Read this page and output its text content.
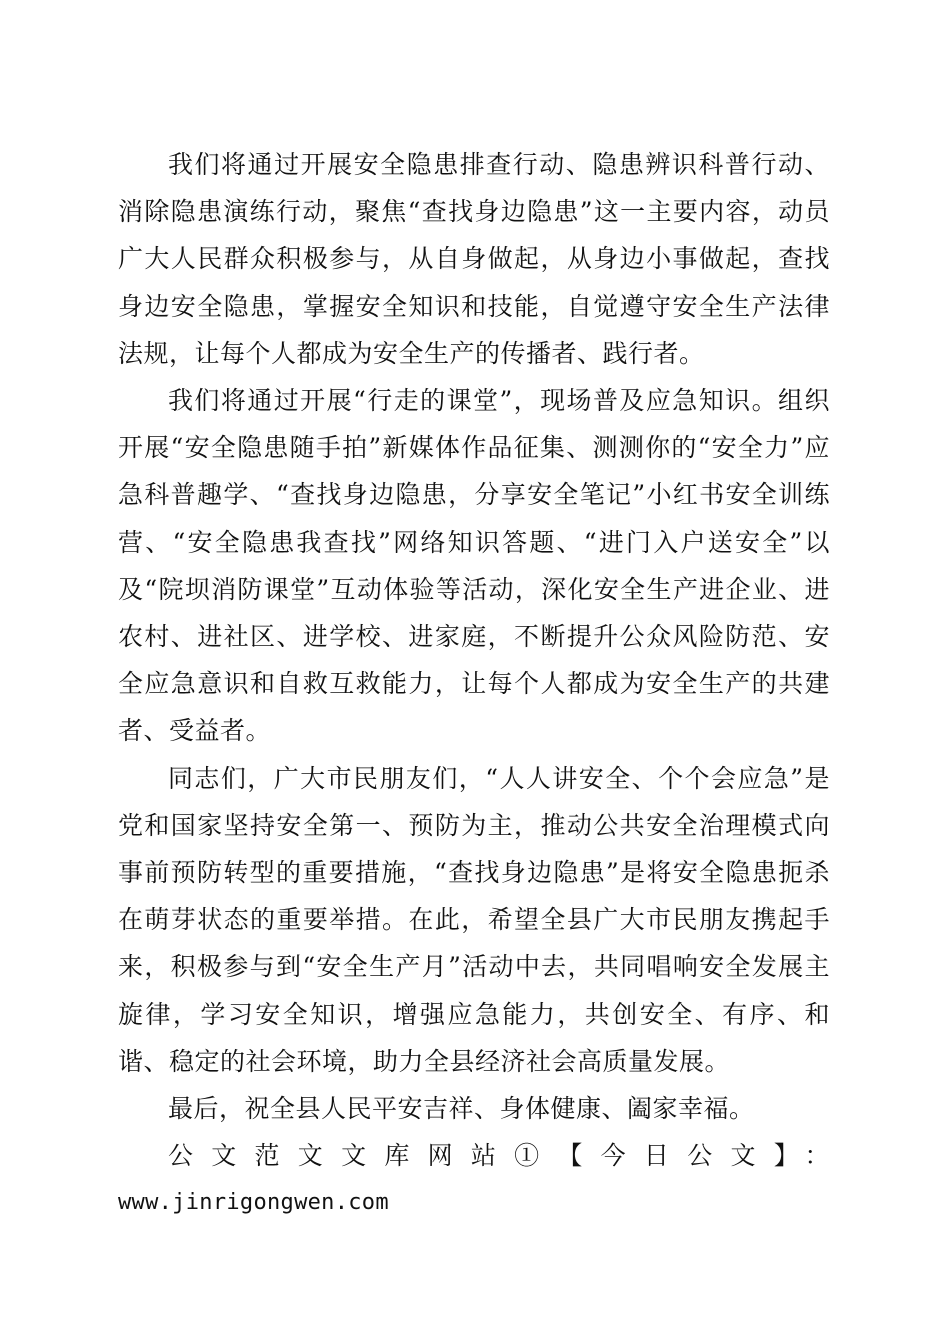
我们将通过开展安全隐患排查行动、隐患辨识科普行动、消除隐患演练行动，聚焦“查找身边隐患”这一主要内容，动员广大人民群众积极参与，从自身做起，从身边小事做起，查找身边安全隐患，掌握安全知识和技能，自觉遵守安全生产法律法规，让每个人都成为安全生产的传播者、践行者。

我们将通过开展“行走的课堂”，现场普及应急知识。组织开展“安全隐患随手拍”新媒体作品征集、测测你的“安全力”应急科普趣学、“查找身边隐患，分享安全笔记”小红书安全训练营、“安全隐患我查找”网络知识答题、“进门入户送安全”以及“院坝消防课堂”互动体验等活动，深化安全生产进企业、进农村、进社区、进学校、进家庭，不断提升公众风险防范、安全应急意识和自救互救能力，让每个人都成为安全生产的共建者、受益者。

同志们，广大市民朋友们，“人人讲安全、个个会应急”是党和国家坚持安全第一、预防为主，推动公共安全治理模式向事前预防转型的重要措施，“查找身边隐患”是将安全隐患扼杀在萌芽状态的重要举措。在此，希望全县广大市民朋友携起手来，积极参与到“安全生产月”活动中去，共同唱响安全发展主旋律，学习安全知识，增强应急能力，共创安全、有序、和谐、稳定的社会环境，助力全县经济社会高质量发展。

最后，祝全县人民平安吉祥、身体健康、阖家幸福。

公文范文文库网站①【今日公文】：

www.jinrigongwen.com
